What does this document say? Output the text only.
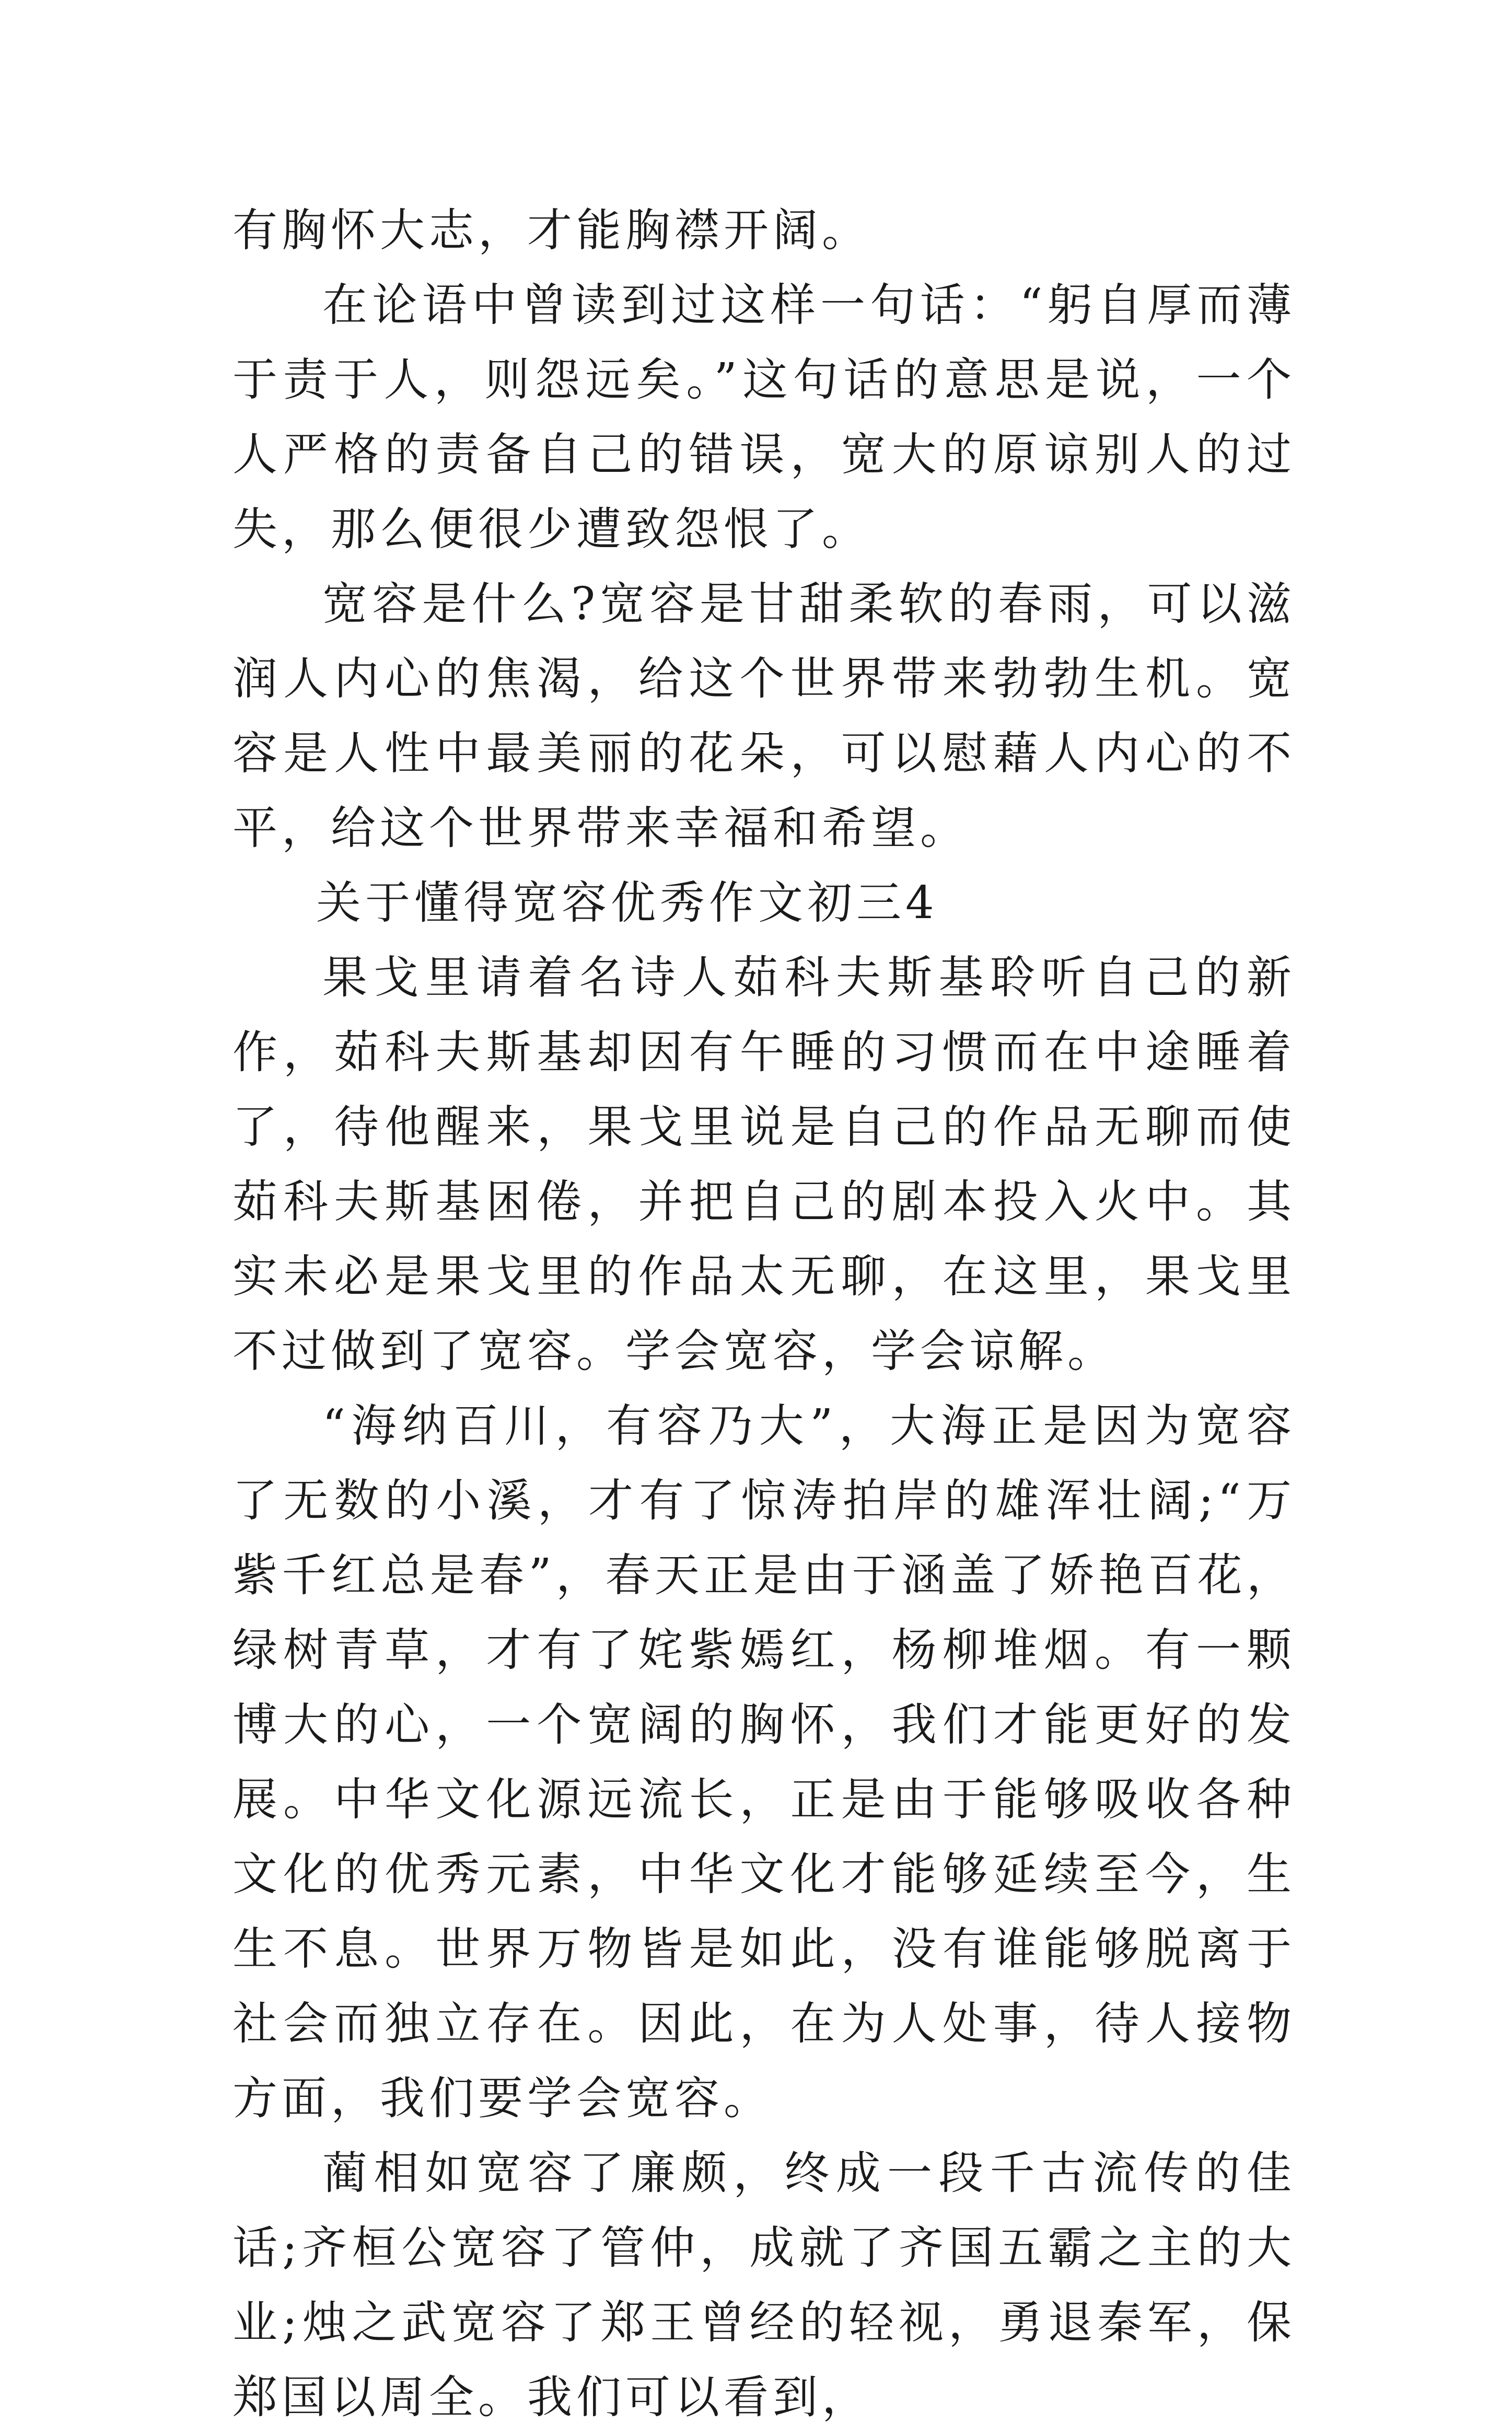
有胸怀大志，才能胸襟开阔。

在论语中曾读到过这样一句话：“躬自厚而薄于责于人，则怨远矣。”这句话的意思是说，一个人严格的责备自己的错误，宽大的原谅别人的过失，那么便很少遭致怨恨了。

宽容是什么?宽容是甘甜柔软的春雨，可以滋润人内心的焦渴，给这个世界带来勃勃生机。宽容是人性中最美丽的花朵，可以慰藉人内心的不平，给这个世界带来幸福和希望。

关于懂得宽容优秀作文初三4

果戈里请着名诗人茹科夫斯基聆听自己的新作，茹科夫斯基却因有午睡的习惯而在中途睡着了，待他醒来，果戈里说是自己的作品无聊而使茹科夫斯基困倦，并把自己的剧本投入火中。其实未必是果戈里的作品太无聊，在这里，果戈里不过做到了宽容。学会宽容，学会谅解。

“海纳百川，有容乃大”，大海正是因为宽容了无数的小溪，才有了惊涛拍岸的雄浑壮阔;“万紫千红总是春”，春天正是由于涵盖了娇艳百花，绿树青草，才有了姹紫嫣红，杨柳堆烟。有一颗博大的心，一个宽阔的胸怀，我们才能更好的发展。中华文化源远流长，正是由于能够吸收各种文化的优秀元素，中华文化才能够延续至今，生生不息。世界万物皆是如此，没有谁能够脱离于社会而独立存在。因此，在为人处事，待人接物方面，我们要学会宽容。

蔺相如宽容了廉颇，终成一段千古流传的佳话;齐桓公宽容了管仲，成就了齐国五霸之主的大业;烛之武宽容了郑王曾经的轻视，勇退秦军，保郑国以周全。我们可以看到，
